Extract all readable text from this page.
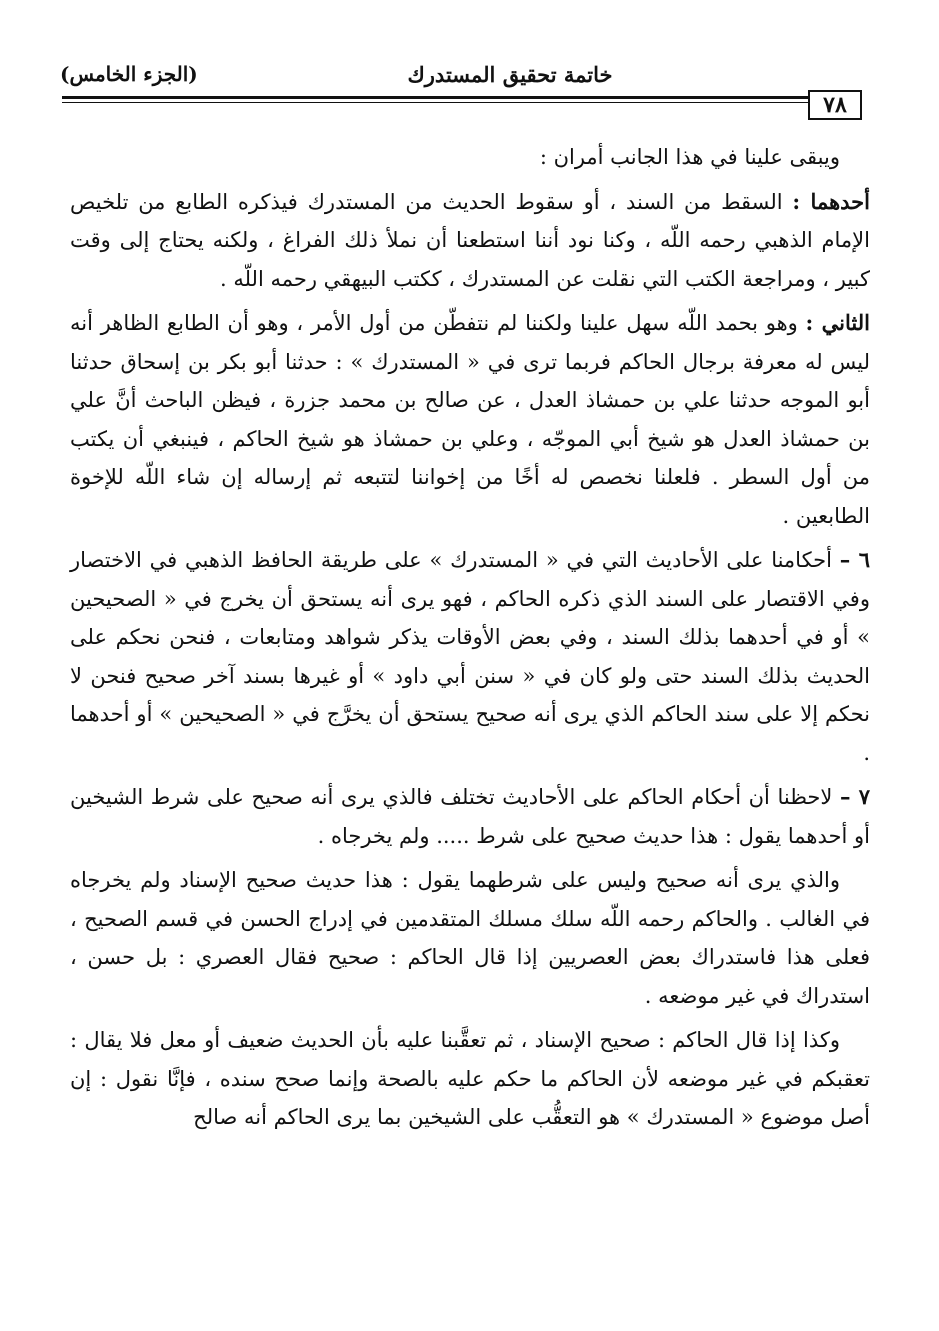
(الجزء الخامس)	خاتمة تحقيق المستدرك
٧٨

ويبقى علينا في هذا الجانب أمران :

أحدهما : السقط من السند ، أو سقوط الحديث من المستدرك فيذكره الطابع من تلخيص الإمام الذهبي رحمه اللّه ، وكنا نود أننا استطعنا أن نملأ ذلك الفراغ ، ولكنه يحتاج إلى وقت كبير ، ومراجعة الكتب التي نقلت عن المستدرك ، ككتب البيهقي رحمه اللّه .

الثاني : وهو بحمد اللّه سهل علينا ولكننا لم نتفطّن من أول الأمر ، وهو أن الطابع الظاهر أنه ليس له معرفة برجال الحاكم فربما ترى في « المستدرك » : حدثنا أبو بكر بن إسحاق حدثنا أبو الموجه حدثنا علي بن حمشاذ العدل ، عن صالح بن محمد جزرة ، فيظن الباحث أنَّ علي بن حمشاذ العدل هو شيخ أبي الموجّه ، وعلي بن حمشاذ هو شيخ الحاكم ، فينبغي أن يكتب من أول السطر . فلعلنا نخصص له أخًا من إخواننا لتتبعه ثم إرساله إن شاء اللّه للإخوة الطابعين .

٦ – أحكامنا على الأحاديث التي في « المستدرك » على طريقة الحافظ الذهبي في الاختصار وفي الاقتصار على السند الذي ذكره الحاكم ، فهو يرى أنه يستحق أن يخرج في « الصحيحين » أو في أحدهما بذلك السند ، وفي بعض الأوقات يذكر شواهد ومتابعات ، فنحن نحكم على الحديث بذلك السند حتى ولو كان في « سنن أبي داود » أو غيرها بسند آخر صحيح فنحن لا نحكم إلا على سند الحاكم الذي يرى أنه صحيح يستحق أن يخرَّج في « الصحيحين » أو أحدهما .

٧ – لاحظنا أن أحكام الحاكم على الأحاديث تختلف فالذي يرى أنه صحيح على شرط الشيخين أو أحدهما يقول : هذا حديث صحيح على شرط ..... ولم يخرجاه .

والذي يرى أنه صحيح وليس على شرطهما يقول : هذا حديث صحيح الإسناد ولم يخرجاه في الغالب . والحاكم رحمه اللّه سلك مسلك المتقدمين في إدراج الحسن في قسم الصحيح ، فعلى هذا فاستدراك بعض العصريين إذا قال الحاكم : صحيح فقال العصري : بل حسن ، استدراك في غير موضعه .

وكذا إذا قال الحاكم : صحيح الإسناد ، ثم تعقَّبنا عليه بأن الحديث ضعيف أو معل فلا يقال : تعقبكم في غير موضعه لأن الحاكم ما حكم عليه بالصحة وإنما صحح سنده ، فإنَّا نقول : إن أصل موضوع « المستدرك » هو التعقُّب على الشيخين بما يرى الحاكم أنه صالح
